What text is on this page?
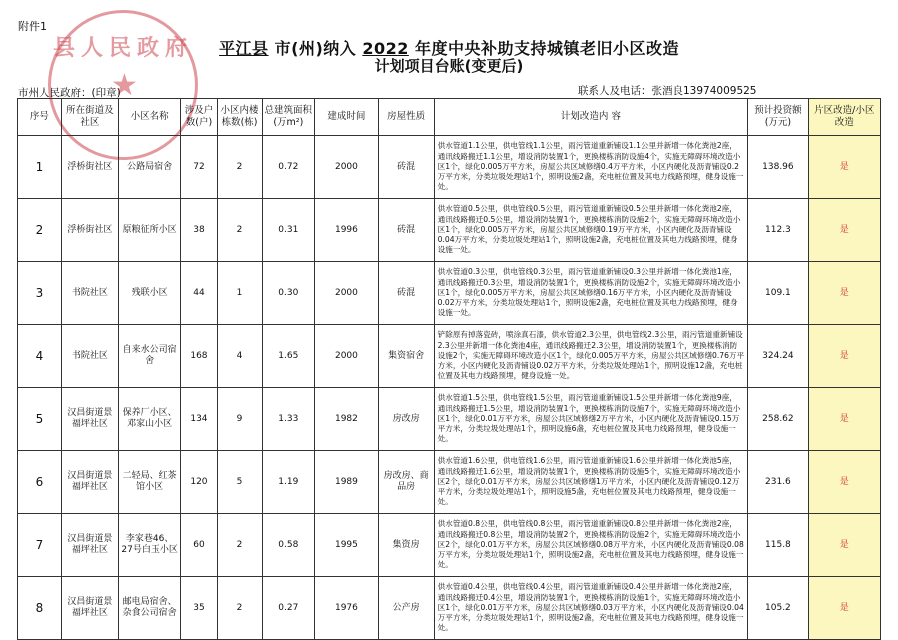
县人民政府
★
附件1
平江县 市(州)纳入 2022 年度中央补助支持城镇老旧小区改造
计划项目台账(变更后)
市州人民政府：(印章)	联系人及电话：张酒良13974009525
序号	所在街道及社区	小区名称	涉及户数(户)	小区内楼栋数(栋)	总建筑面积(万m²)	建成时间	房屋性质	计划改造内 容	预计投资额(万元)	片区改造/小区改造
1	浮桥街社区	公路局宿舍	72	2	0.72	2000	砖混	供水管道1.1公里，供电管线1.1公里，雨污管道重新铺设1.1公里并新增一体化粪池2座，通讯线路搬迁1.1公里，增设消防装置1个，更换楼栋消防设施4个，实施无障碍环境改造小区1个，绿化0.005万平方米，房屋公共区域修缮0.4万平方米，小区内硬化及沥青铺设0.2万平方米，分类垃圾处理站1个，照明设施2盏，充电桩位置及其电力线路预埋，健身设施一处。	138.96	是
2	浮桥街社区	原粮征所小区	38	2	0.31	1996	砖混	供水管道0.5公里，供电管线0.5公里，雨污管道重新铺设0.5公里并新增一体化粪池2座，通讯线路搬迁0.5公里，增设消防装置1个，更换楼栋消防设施2个，实施无障碍环境改造小区1个，绿化0.005万平方米，房屋公共区域修缮0.19万平方米，小区内硬化及沥青铺设0.04万平方米，分类垃圾处理站1个，照明设施2盏，充电桩位置及其电力线路预埋，健身设施一处。	112.3	是
3	书院社区	残联小区	44	1	0.30	2000	砖混	供水管道0.3公里，供电管线0.3公里，雨污管道重新铺设0.3公里并新增一体化粪池1座，通讯线路搬迁0.3公里，增设消防装置1个，更换楼栋消防设施2个，实施无障碍环境改造小区1个，绿化0.005万平方米，房屋公共区域修缮0.16万平方米，小区内硬化及沥青铺设0.02万平方米，分类垃圾处理站1个，照明设施2盏，充电桩位置及其电力线路预埋，健身设施一处。	109.1	是
4	书院社区	自来水公司宿舍	168	4	1.65	2000	集资宿舍	铲除原有掉落瓷砖，喷涂真石漆，供水管道2.3公里，供电管线2.3公里，雨污管道重新铺设2.3公里并新增一体化粪池4座，通讯线路搬迁2.3公里，增设消防装置1个，更换楼栋消防设施2个，实施无障碍环境改造小区1个，绿化0.005万平方米，房屋公共区域修缮0.76万平方米，小区内硬化及沥青铺设0.02万平方米，分类垃圾处理站1个，照明设施12盏，充电桩位置及其电力线路预埋，健身设施一处。	324.24	是
5	汉昌街道景福坪社区	保养厂小区、邓家山小区	134	9	1.33	1982	房改房	供水管道1.5公里，供电管线1.5公里，雨污管道重新铺设1.5公里并新增一体化粪池9座，通讯线路搬迁1.5公里，增设消防装置1个，更换楼栋消防设施7个，实施无障碍环境改造小区1个，绿化0.01万平方米，房屋公共区域修缮2万平方米，小区内硬化及沥青铺设0.15万平方米，分类垃圾处理站1个，照明设施6盏，充电桩位置及其电力线路预埋，健身设施一处。	258.62	是
6	汉昌街道景福坪社区	二轻局、红茶馆小区	120	5	1.19	1989	房改房、商品房	供水管道1.6公里，供电管线1.6公里，雨污管道重新铺设1.6公里并新增一体化粪池5座，通讯线路搬迁1.6公里，增设消防装置1个，更换楼栋消防设施5个，实施无障碍环境改造小区2个，绿化0.01万平方米，房屋公共区域修缮1万平方米，小区内硬化及沥青铺设0.12万平方米，分类垃圾处理站1个，照明设施5盏，充电桩位置及其电力线路预埋，健身设施一处。	231.6	是
7	汉昌街道景福坪社区	李家巷46、27号白玉小区	60	2	0.58	1995	集资房	供水管道0.8公里，供电管线0.8公里，雨污管道重新铺设0.8公里并新增一体化粪池2座，通讯线路搬迁0.8公里，增设消防装置2个，更换楼栋消防设施2个，实施无障碍环境改造小区2个，绿化0.01万平方米，房屋公共区域修缮0.08万平方米，小区内硬化及沥青铺设0.08万平方米，分类垃圾处理站1个，照明设施2盏，充电桩位置及其电力线路预埋，健身设施一处。	115.8	是
8	汉昌街道景福坪社区	邮电局宿舍、杂食公司宿舍	35	2	0.27	1976	公产房	供水管道0.4公里，供电管线0.4公里，雨污管道重新铺设0.4公里并新增一体化粪池2座，通讯线路搬迁0.4公里，增设消防装置1个，更换楼栋消防设施1个，实施无障碍环境改造小区1个，绿化0.01万平方米，房屋公共区域修缮0.03万平方米，小区内硬化及沥青铺设0.04万平方米，分类垃圾处理站1个，照明设施2盏，充电桩位置及其电力线路预埋，健身设施一处。	105.2	是
